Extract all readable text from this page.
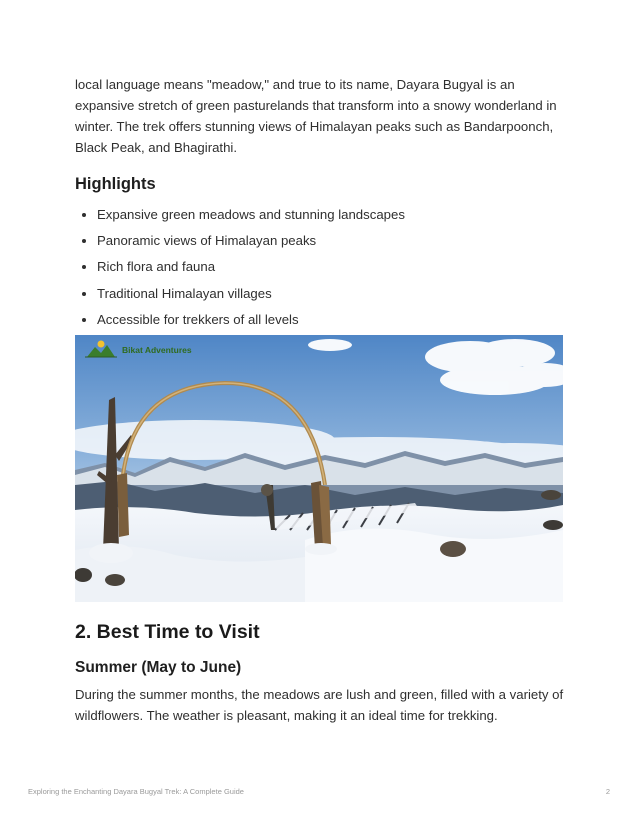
local language means "meadow," and true to its name, Dayara Bugyal is an expansive stretch of green pasturelands that transform into a snowy wonderland in winter. The trek offers stunning views of Himalayan peaks such as Bandarpoonch, Black Peak, and Bhagirathi.

Highlights
Expansive green meadows and stunning landscapes
Panoramic views of Himalayan peaks
Rich flora and fauna
Traditional Himalayan villages
Accessible for trekkers of all levels
Bikat Adventures
2. Best Time to Visit
Summer (May to June)

During the summer months, the meadows are lush and green, filled with a variety of wildflowers. The weather is pleasant, making it an ideal time for trekking.

Exploring the Enchanting Dayara Bugyal Trek: A Complete Guide	2
